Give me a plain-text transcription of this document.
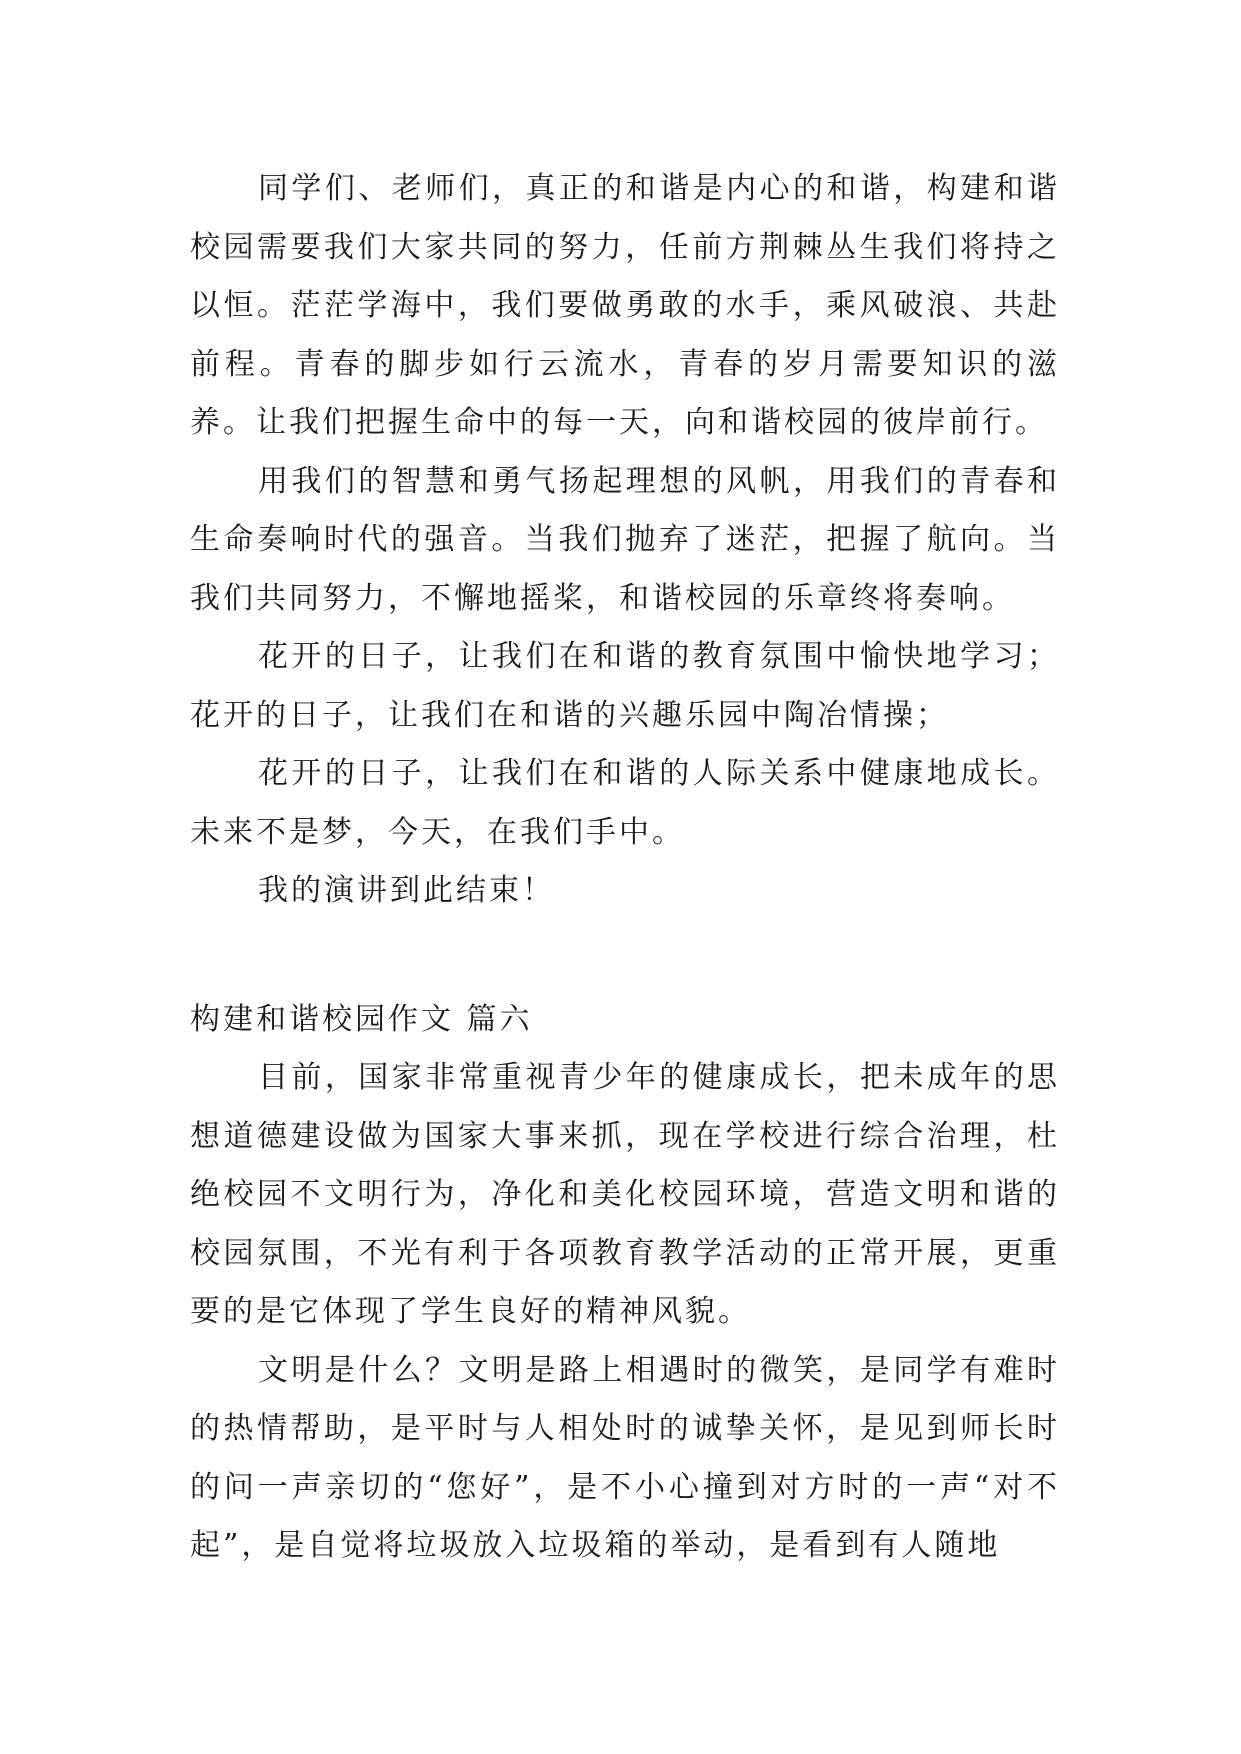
同学们、老师们，真正的和谐是内心的和谐，构建和谐校园需要我们大家共同的努力，任前方荆棘丛生我们将持之以恒。茫茫学海中，我们要做勇敢的水手，乘风破浪、共赴前程。青春的脚步如行云流水，青春的岁月需要知识的滋养。让我们把握生命中的每一天，向和谐校园的彼岸前行。

用我们的智慧和勇气扬起理想的风帆，用我们的青春和生命奏响时代的强音。当我们抛弃了迷茫，把握了航向。当我们共同努力，不懈地摇桨，和谐校园的乐章终将奏响。

花开的日子，让我们在和谐的教育氛围中愉快地学习；花开的日子，让我们在和谐的兴趣乐园中陶冶情操；

花开的日子，让我们在和谐的人际关系中健康地成长。未来不是梦，今天，在我们手中。

我的演讲到此结束！

构建和谐校园作文 篇六

目前，国家非常重视青少年的健康成长，把未成年的思想道德建设做为国家大事来抓，现在学校进行综合治理，杜绝校园不文明行为，净化和美化校园环境，营造文明和谐的校园氛围，不光有利于各项教育教学活动的正常开展，更重要的是它体现了学生良好的精神风貌。

文明是什么？文明是路上相遇时的微笑，是同学有难时的热情帮助，是平时与人相处时的诚挚关怀，是见到师长时的问一声亲切的“您好”，是不小心撞到对方时的一声“对不起”，是自觉将垃圾放入垃圾箱的举动，是看到有人随地
